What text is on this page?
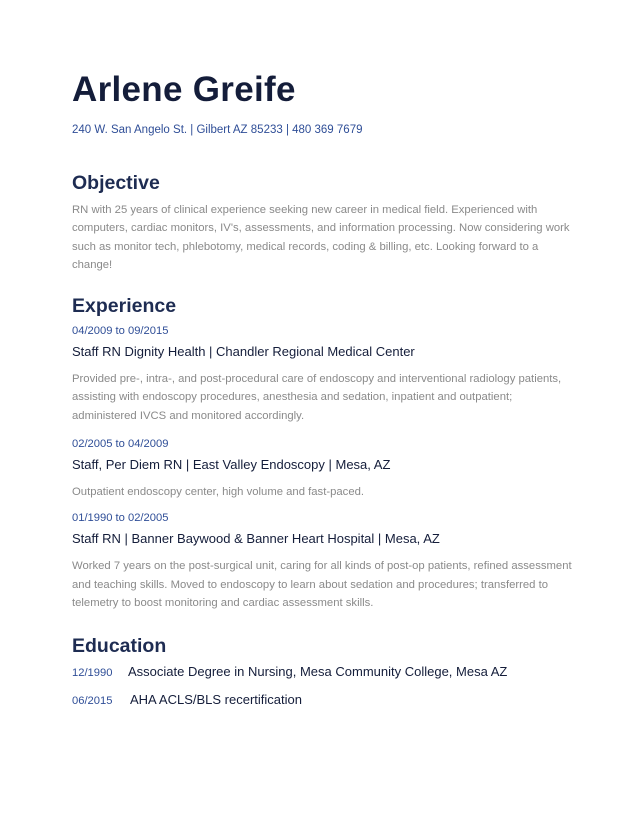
Arlene Greife
240 W. San Angelo St. | Gilbert AZ 85233 | 480 369 7679
Objective
RN with 25 years of clinical experience seeking new career in medical field. Experienced with computers, cardiac monitors, IV's, assessments, and information processing. Now considering work such as monitor tech, phlebotomy, medical records, coding & billing, etc. Looking forward to a change!
Experience
04/2009 to 09/2015
Staff RN Dignity Health | Chandler Regional Medical Center
Provided pre-, intra-, and post-procedural care of endoscopy and interventional radiology patients, assisting with endoscopy procedures, anesthesia and sedation, inpatient and outpatient; administered IVCS and monitored accordingly.
02/2005 to 04/2009
Staff, Per Diem RN | East Valley Endoscopy | Mesa, AZ
Outpatient endoscopy center, high volume and fast-paced.
01/1990 to 02/2005
Staff RN | Banner Baywood & Banner Heart Hospital | Mesa, AZ
Worked 7 years on the post-surgical unit, caring for all kinds of post-op patients, refined assessment and teaching skills. Moved to endoscopy to learn about sedation and procedures; transferred to telemetry to boost monitoring and cardiac assessment skills.
Education
12/1990	Associate Degree in Nursing, Mesa Community College, Mesa AZ
06/2015	AHA ACLS/BLS recertification
